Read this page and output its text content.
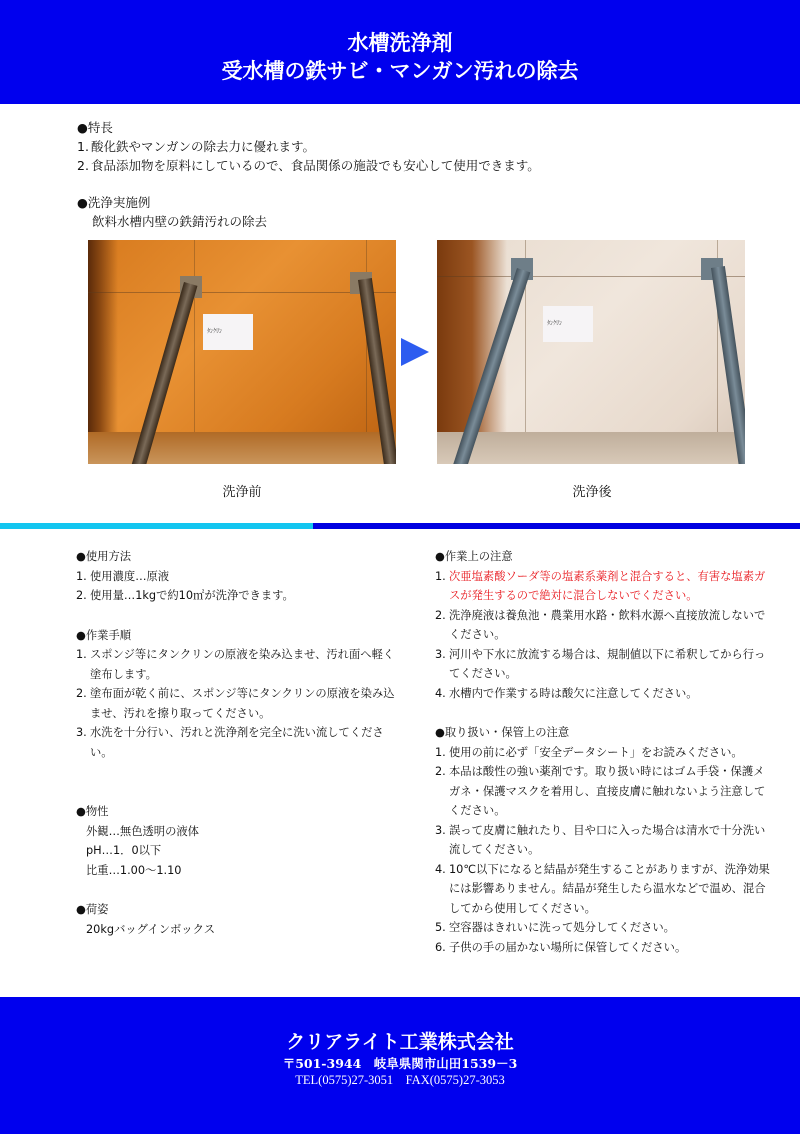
水槽洗浄剤
受水槽の鉄サビ・マンガン汚れの除去
●特長
1. 酸化鉄やマンガンの除去力に優れます。
2. 食品添加物を原料にしているので、食品関係の施設でも安心して使用できます。
●洗浄実施例
飲料水槽内壁の鉄錆汚れの除去
ﾀﾝｸﾘﾝ
ﾀﾝｸﾘﾝ
洗浄前	洗浄後
●使用方法
1. 使用濃度…原液
2. 使用量…1kgで約10㎡が洗浄できます。
●作業手順
1. スポンジ等にタンクリンの原液を染み込ませ、汚れ面へ軽く塗布します。
2. 塗布面が乾く前に、スポンジ等にタンクリンの原液を染み込ませ、汚れを擦り取ってください。
3. 水洗を十分行い、汚れと洗浄剤を完全に洗い流してください。
●物性
外観…無色透明の液体
pH…1．0以下
比重…1.00～1.10
●荷姿
20kgバッグインボックス
●作業上の注意
1. 次亜塩素酸ソーダ等の塩素系薬剤と混合すると、有害な塩素ガスが発生するので絶対に混合しないでください。
2. 洗浄廃液は養魚池・農業用水路・飲料水源へ直接放流しないでください。
3. 河川や下水に放流する場合は、規制値以下に希釈してから行ってください。
4. 水槽内で作業する時は酸欠に注意してください。
●取り扱い・保管上の注意
1. 使用の前に必ず「安全データシート」をお読みください。
2. 本品は酸性の強い薬剤です。取り扱い時にはゴム手袋・保護メガネ・保護マスクを着用し、直接皮膚に触れないよう注意してください。
3. 誤って皮膚に触れたり、目や口に入った場合は清水で十分洗い流してください。
4. 10℃以下になると結晶が発生することがありますが、洗浄効果には影響ありません。結晶が発生したら温水などで温め、混合してから使用してください。
5. 空容器はきれいに洗って処分してください。
6. 子供の手の届かない場所に保管してください。
クリアライト工業株式会社
〒501-3944　岐阜県関市山田1539－3
TEL(0575)27-3051　FAX(0575)27-3053
